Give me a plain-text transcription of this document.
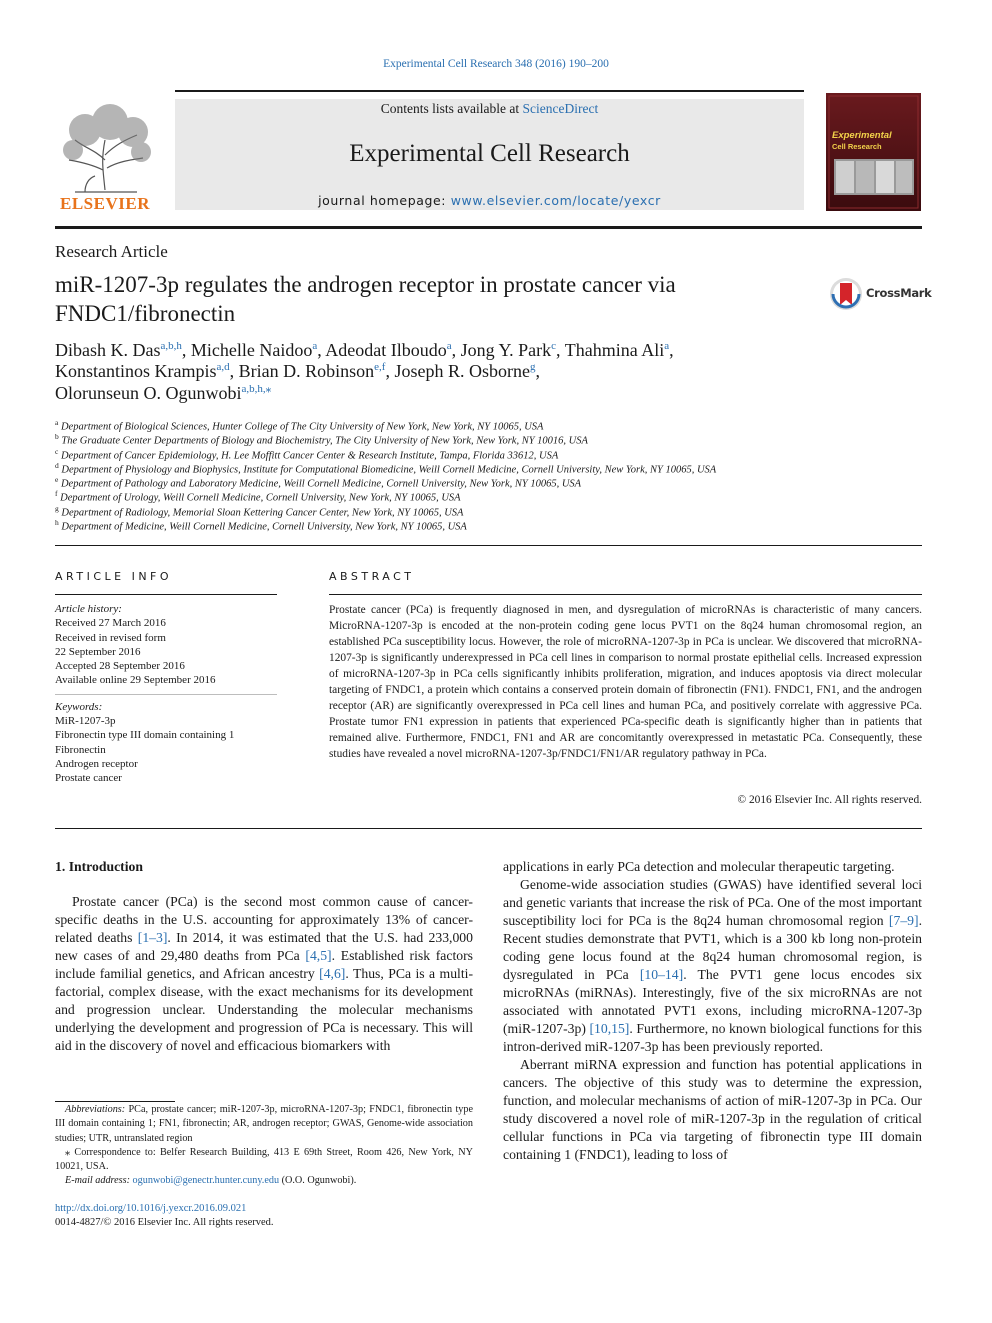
Experimental Cell Research 348 (2016) 190–200
ELSEVIER
Contents lists available at ScienceDirect
Experimental Cell Research
journal homepage: www.elsevier.com/locate/yexcr
Experimental
Cell Research
Research Article
miR-1207-3p regulates the androgen receptor in prostate cancer via FNDC1/fibronectin
CrossMark
Dibash K. Das$^{a,b,h}$, Michelle Naidoo$^a$, Adeodat Ilboudo$^a$, Jong Y. Park$^c$, Thahmina Ali$^a$,
Konstantinos Krampis$^{a,d}$, Brian D. Robinson$^{e,f}$, Joseph R. Osborne$^g$,
Olorunseun O. Ogunwobi$^{a,b,h,⁎}$
$^a$ Department of Biological Sciences, Hunter College of The City University of New York, New York, NY 10065, USA
$^b$ The Graduate Center Departments of Biology and Biochemistry, The City University of New York, New York, NY 10016, USA
$^c$ Department of Cancer Epidemiology, H. Lee Moffitt Cancer Center & Research Institute, Tampa, Florida 33612, USA
$^d$ Department of Physiology and Biophysics, Institute for Computational Biomedicine, Weill Cornell Medicine, Cornell University, New York, NY 10065, USA
$^e$ Department of Pathology and Laboratory Medicine, Weill Cornell Medicine, Cornell University, New York, NY 10065, USA
$^f$ Department of Urology, Weill Cornell Medicine, Cornell University, New York, NY 10065, USA
$^g$ Department of Radiology, Memorial Sloan Kettering Cancer Center, New York, NY 10065, USA
$^h$ Department of Medicine, Weill Cornell Medicine, Cornell University, New York, NY 10065, USA
ARTICLE INFO	ABSTRACT
Article history:
Received 27 March 2016
Received in revised form
22 September 2016
Accepted 28 September 2016
Available online 29 September 2016
Keywords:
MiR-1207-3p
Fibronectin type III domain containing 1
Fibronectin
Androgen receptor
Prostate cancer
Prostate cancer (PCa) is frequently diagnosed in men, and dysregulation of microRNAs is characteristic of many cancers. MicroRNA-1207-3p is encoded at the non-protein coding gene locus PVT1 on the 8q24 human chromosomal region, an established PCa susceptibility locus. However, the role of microRNA-1207-3p in PCa is unclear. We discovered that microRNA-1207-3p is significantly underexpressed in PCa cell lines in comparison to normal prostate epithelial cells. Increased expression of microRNA-1207-3p in PCa cells significantly inhibits proliferation, migration, and induces apoptosis via direct molecular targeting of FNDC1, a protein which contains a conserved protein domain of fibronectin (FN1). FNDC1, FN1, and the androgen receptor (AR) are significantly overexpressed in PCa cell lines and human PCa, and positively correlate with aggressive PCa. Prostate tumor FN1 expression in patients that experienced PCa-specific death is significantly higher than in patients that remained alive. Furthermore, FNDC1, FN1 and AR are concomitantly overexpressed in metastatic PCa. Consequently, these studies have revealed a novel microRNA-1207-3p/FNDC1/FN1/AR regulatory pathway in PCa.
© 2016 Elsevier Inc. All rights reserved.
1. Introduction

Prostate cancer (PCa) is the second most common cause of cancer-specific deaths in the U.S. accounting for approximately 13% of cancer-related deaths [1–3]. In 2014, it was estimated that the U.S. had 233,000 new cases of and 29,480 deaths from PCa [4,5]. Established risk factors include familial genetics, and African ancestry [4,6]. Thus, PCa is a multi-factorial, complex disease, with the exact mechanisms for its development and progression unclear. Understanding the molecular mechanisms underlying the development and progression of PCa is necessary. This will aid in the discovery of novel and efficacious biomarkers with

applications in early PCa detection and molecular therapeutic targeting.

Genome-wide association studies (GWAS) have identified several loci and genetic variants that increase the risk of PCa. One of the most important susceptibility loci for PCa is the 8q24 human chromosomal region [7–9]. Recent studies demonstrate that PVT1, which is a 300 kb long non-protein coding gene locus found at the 8q24 human chromosomal region, is dysregulated in PCa [10–14]. The PVT1 gene locus encodes six microRNAs (miRNAs). Interestingly, five of the six microRNAs are not associated with annotated PVT1 exons, including microRNA-1207-3p (miR-1207-3p) [10,15]. Furthermore, no known biological functions for this intron-derived miR-1207-3p has been previously reported.

Aberrant miRNA expression and function has potential applications in cancers. The objective of this study was to determine the expression, function, and molecular mechanisms of action of miR-1207-3p in PCa. Our study discovered a novel role of miR-1207-3p in the regulation of critical cellular functions in PCa via targeting of fibronectin type III domain containing 1 (FNDC1), leading to loss of

Abbreviations: PCa, prostate cancer; miR-1207-3p, microRNA-1207-3p; FNDC1, fibronectin type III domain containing 1; FN1, fibronectin; AR, androgen receptor; GWAS, Genome-wide association studies; UTR, untranslated region

⁎ Correspondence to: Belfer Research Building, 413 E 69th Street, Room 426, New York, NY 10021, USA.

E-mail address: ogunwobi@genectr.hunter.cuny.edu (O.O. Ogunwobi).

http://dx.doi.org/10.1016/j.yexcr.2016.09.021
0014-4827/© 2016 Elsevier Inc. All rights reserved.
